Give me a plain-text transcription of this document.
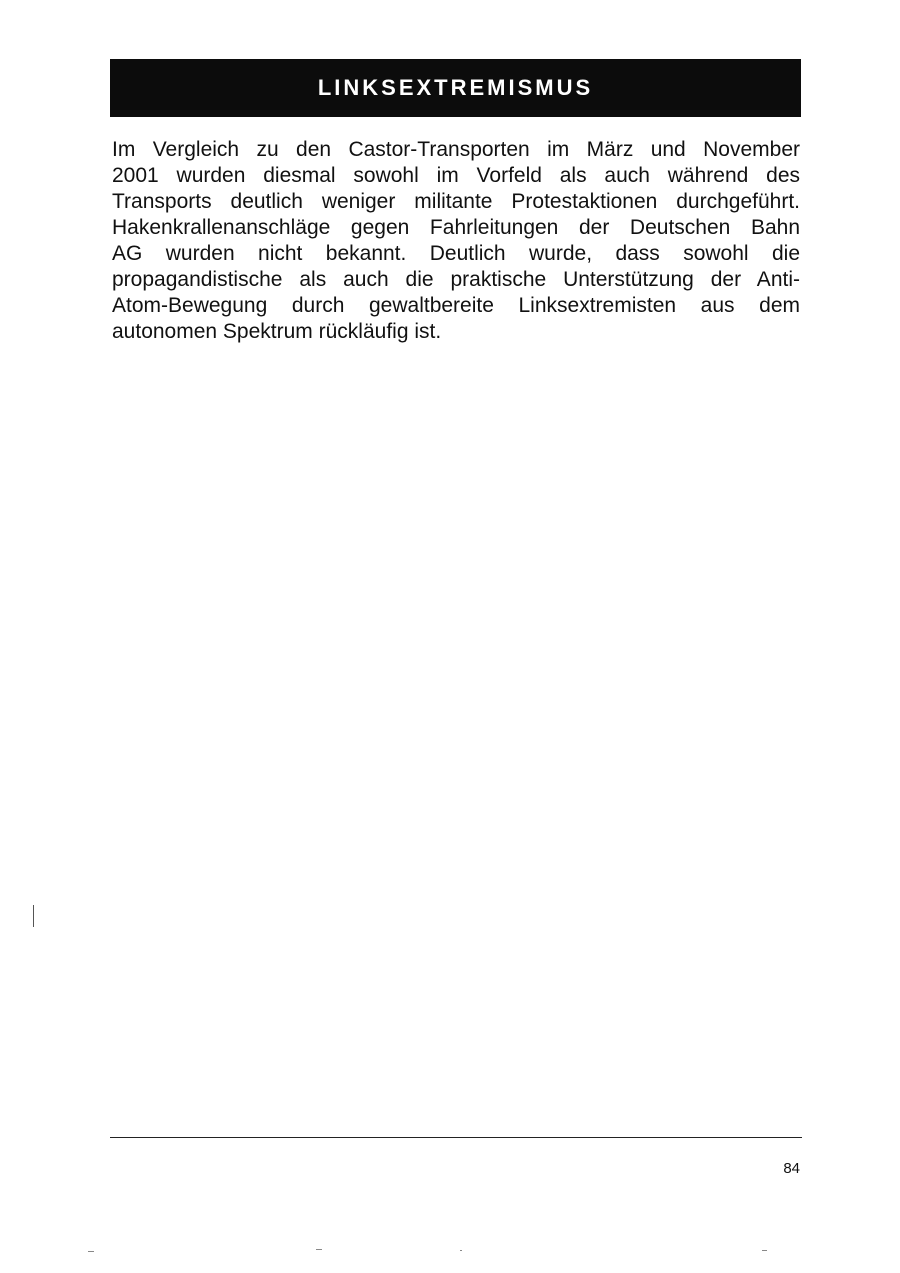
LINKSEXTREMISMUS

Im Vergleich zu den Castor-Transporten im März und November
2001 wurden diesmal sowohl im Vorfeld als auch während des
Transports deutlich weniger militante Protestaktionen durchgeführt.
Hakenkrallenanschläge gegen Fahrleitungen der Deutschen Bahn
AG wurden nicht bekannt. Deutlich wurde, dass sowohl die
propagandistische als auch die praktische Unterstützung der Anti-
Atom-Bewegung durch gewaltbereite Linksextremisten aus dem
autonomen Spektrum rückläufig ist.

84
